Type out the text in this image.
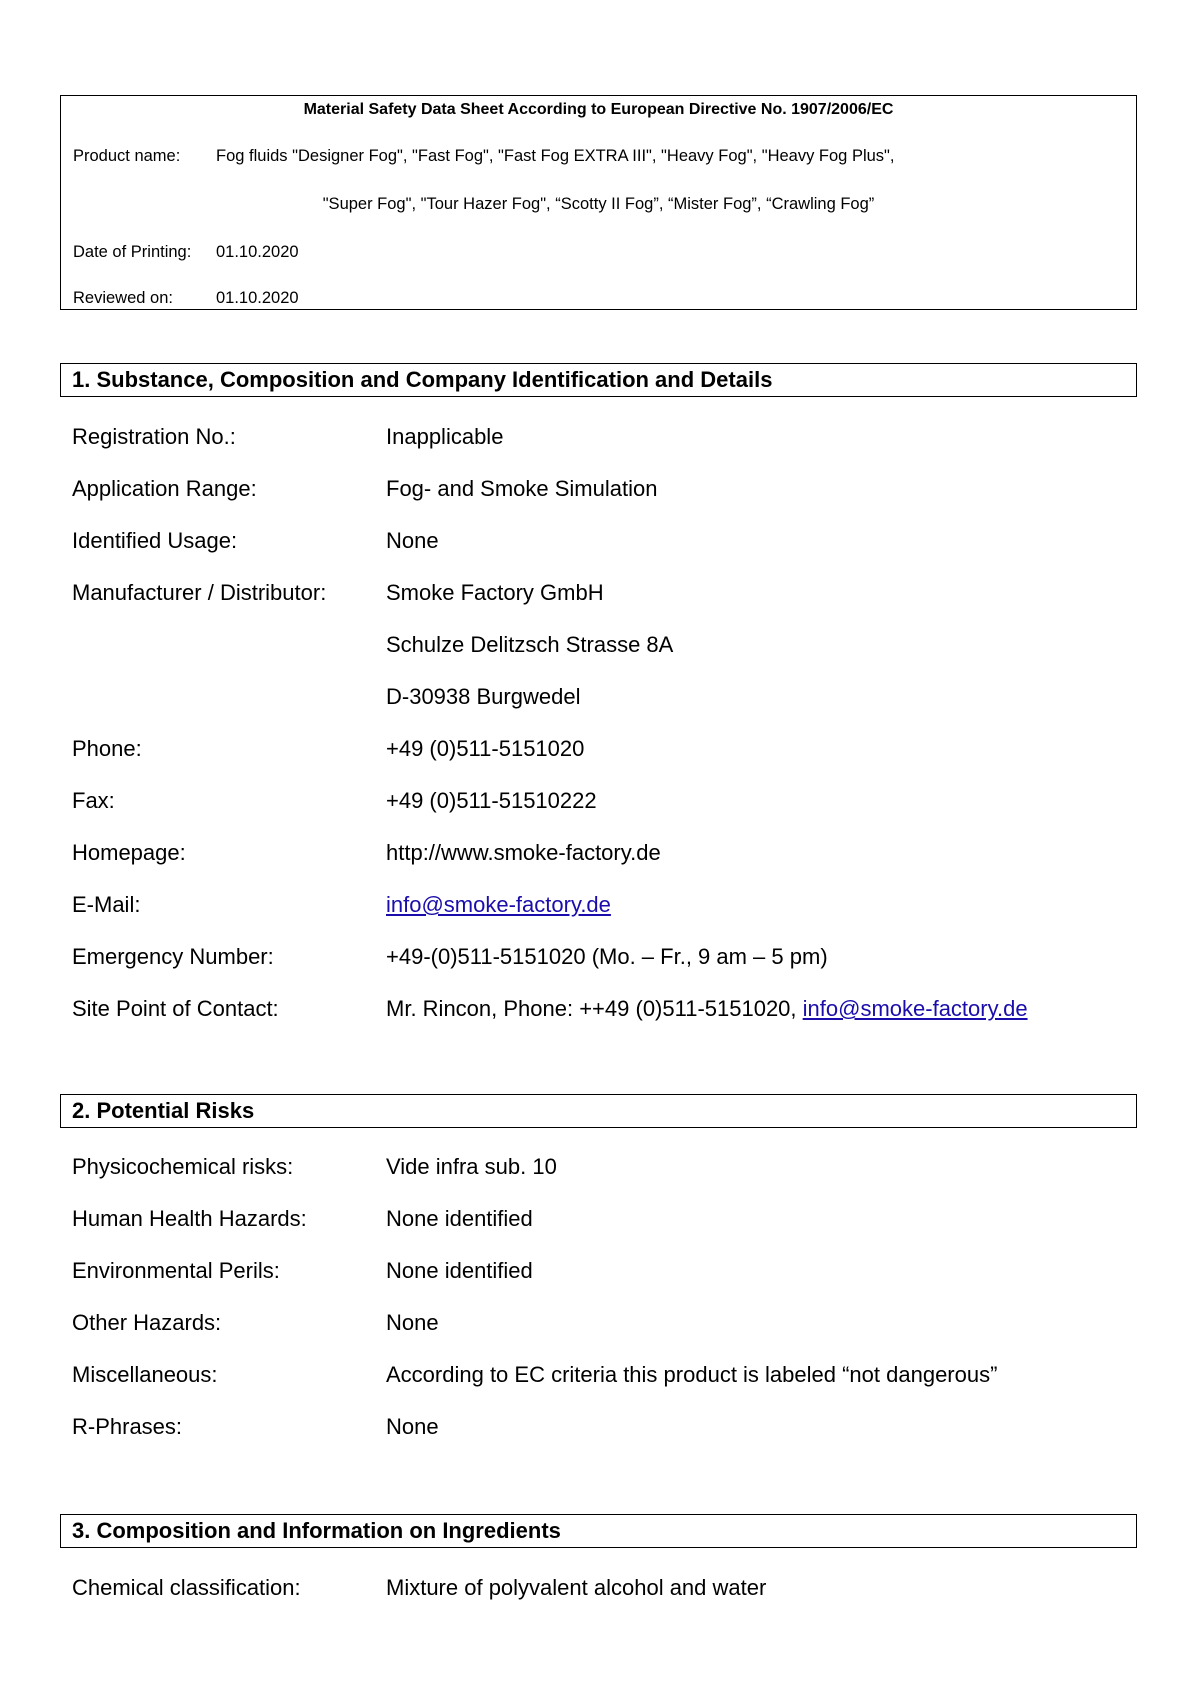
Material Safety Data Sheet According to European Directive No. 1907/2006/EC
Product name: Fog fluids "Designer Fog", "Fast Fog", "Fast Fog EXTRA III", "Heavy Fog", "Heavy Fog Plus",
"Super Fog", "Tour Hazer Fog", “Scotty II Fog”, “Mister Fog”, “Crawling Fog”
Date of Printing: 01.10.2020
Reviewed on:	01.10.2020
1. Substance, Composition and Company Identification and Details
Registration No.:	Inapplicable
Application Range:	Fog- and Smoke Simulation
Identified Usage:	None
Manufacturer / Distributor:	Smoke Factory GmbH
Schulze Delitzsch Strasse 8A
D-30938 Burgwedel
Phone:	+49 (0)511-5151020
Fax:	+49 (0)511-51510222
Homepage:	http://www.smoke-factory.de
E-Mail:	info@smoke-factory.de
Emergency Number:	+49-(0)511-5151020 (Mo. – Fr., 9 am – 5 pm)
Site Point of Contact:	Mr. Rincon, Phone: ++49 (0)511-5151020, info@smoke-factory.de
2. Potential Risks
Physicochemical risks:	Vide infra sub. 10
Human Health Hazards:	None identified
Environmental Perils:	None identified
Other Hazards:	None
Miscellaneous:	According to EC criteria this product is labeled “not dangerous”
R-Phrases:	None
3. Composition and Information on Ingredients
Chemical classification:	Mixture of polyvalent alcohol and water
